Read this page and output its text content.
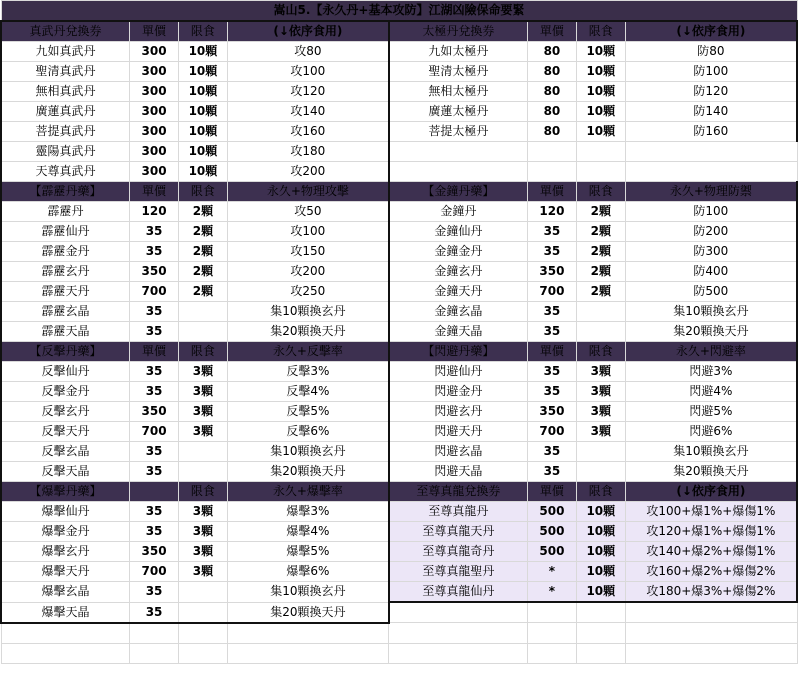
嵩山5.【永久丹+基本攻防】江湖凶險保命要緊							
真武丹兌換券	單價	限食	(↓依序食用)	太極丹兌換券	單價	限食	(↓依序食用)
九如真武丹	300	10顆	攻80	九如太極丹	80	10顆	防80
聖清真武丹	300	10顆	攻100	聖清太極丹	80	10顆	防100
無相真武丹	300	10顆	攻120	無相太極丹	80	10顆	防120
廣蓮真武丹	300	10顆	攻140	廣蓮太極丹	80	10顆	防140
菩提真武丹	300	10顆	攻160	菩提太極丹	80	10顆	防160
靈陽真武丹	300	10顆	攻180				
天尊真武丹	300	10顆	攻200				
【霹靂丹藥】	單價	限食	永久+物理攻擊	【金鐘丹藥】	單價	限食	永久+物理防禦
霹靂丹	120	2顆	攻50	金鐘丹	120	2顆	防100
霹靂仙丹	35	2顆	攻100	金鐘仙丹	35	2顆	防200
霹靂金丹	35	2顆	攻150	金鐘金丹	35	2顆	防300
霹靂玄丹	350	2顆	攻200	金鐘玄丹	350	2顆	防400
霹靂天丹	700	2顆	攻250	金鐘天丹	700	2顆	防500
霹靂玄晶	35		集10顆換玄丹	金鐘玄晶	35		集10顆換玄丹
霹靂天晶	35		集20顆換天丹	金鐘天晶	35		集20顆換天丹
【反擊丹藥】	單價	限食	永久+反擊率	【閃避丹藥】	單價	限食	永久+閃避率
反擊仙丹	35	3顆	反擊3%	閃避仙丹	35	3顆	閃避3%
反擊金丹	35	3顆	反擊4%	閃避金丹	35	3顆	閃避4%
反擊玄丹	350	3顆	反擊5%	閃避玄丹	350	3顆	閃避5%
反擊天丹	700	3顆	反擊6%	閃避天丹	700	3顆	閃避6%
反擊玄晶	35		集10顆換玄丹	閃避玄晶	35		集10顆換玄丹
反擊天晶	35		集20顆換天丹	閃避天晶	35		集20顆換天丹
【爆擊丹藥】		限食	永久+爆擊率	至尊真龍兌換券	單價	限食	(↓依序食用)
爆擊仙丹	35	3顆	爆擊3%	至尊真龍丹	500	10顆	攻100+爆1%+爆傷1%
爆擊金丹	35	3顆	爆擊4%	至尊真龍天丹	500	10顆	攻120+爆1%+爆傷1%
爆擊玄丹	350	3顆	爆擊5%	至尊真龍奇丹	500	10顆	攻140+爆2%+爆傷1%
爆擊天丹	700	3顆	爆擊6%	至尊真龍聖丹	*	10顆	攻160+爆2%+爆傷2%
爆擊玄晶	35		集10顆換玄丹	至尊真龍仙丹	*	10顆	攻180+爆3%+爆傷2%
爆擊天晶	35		集20顆換天丹				
